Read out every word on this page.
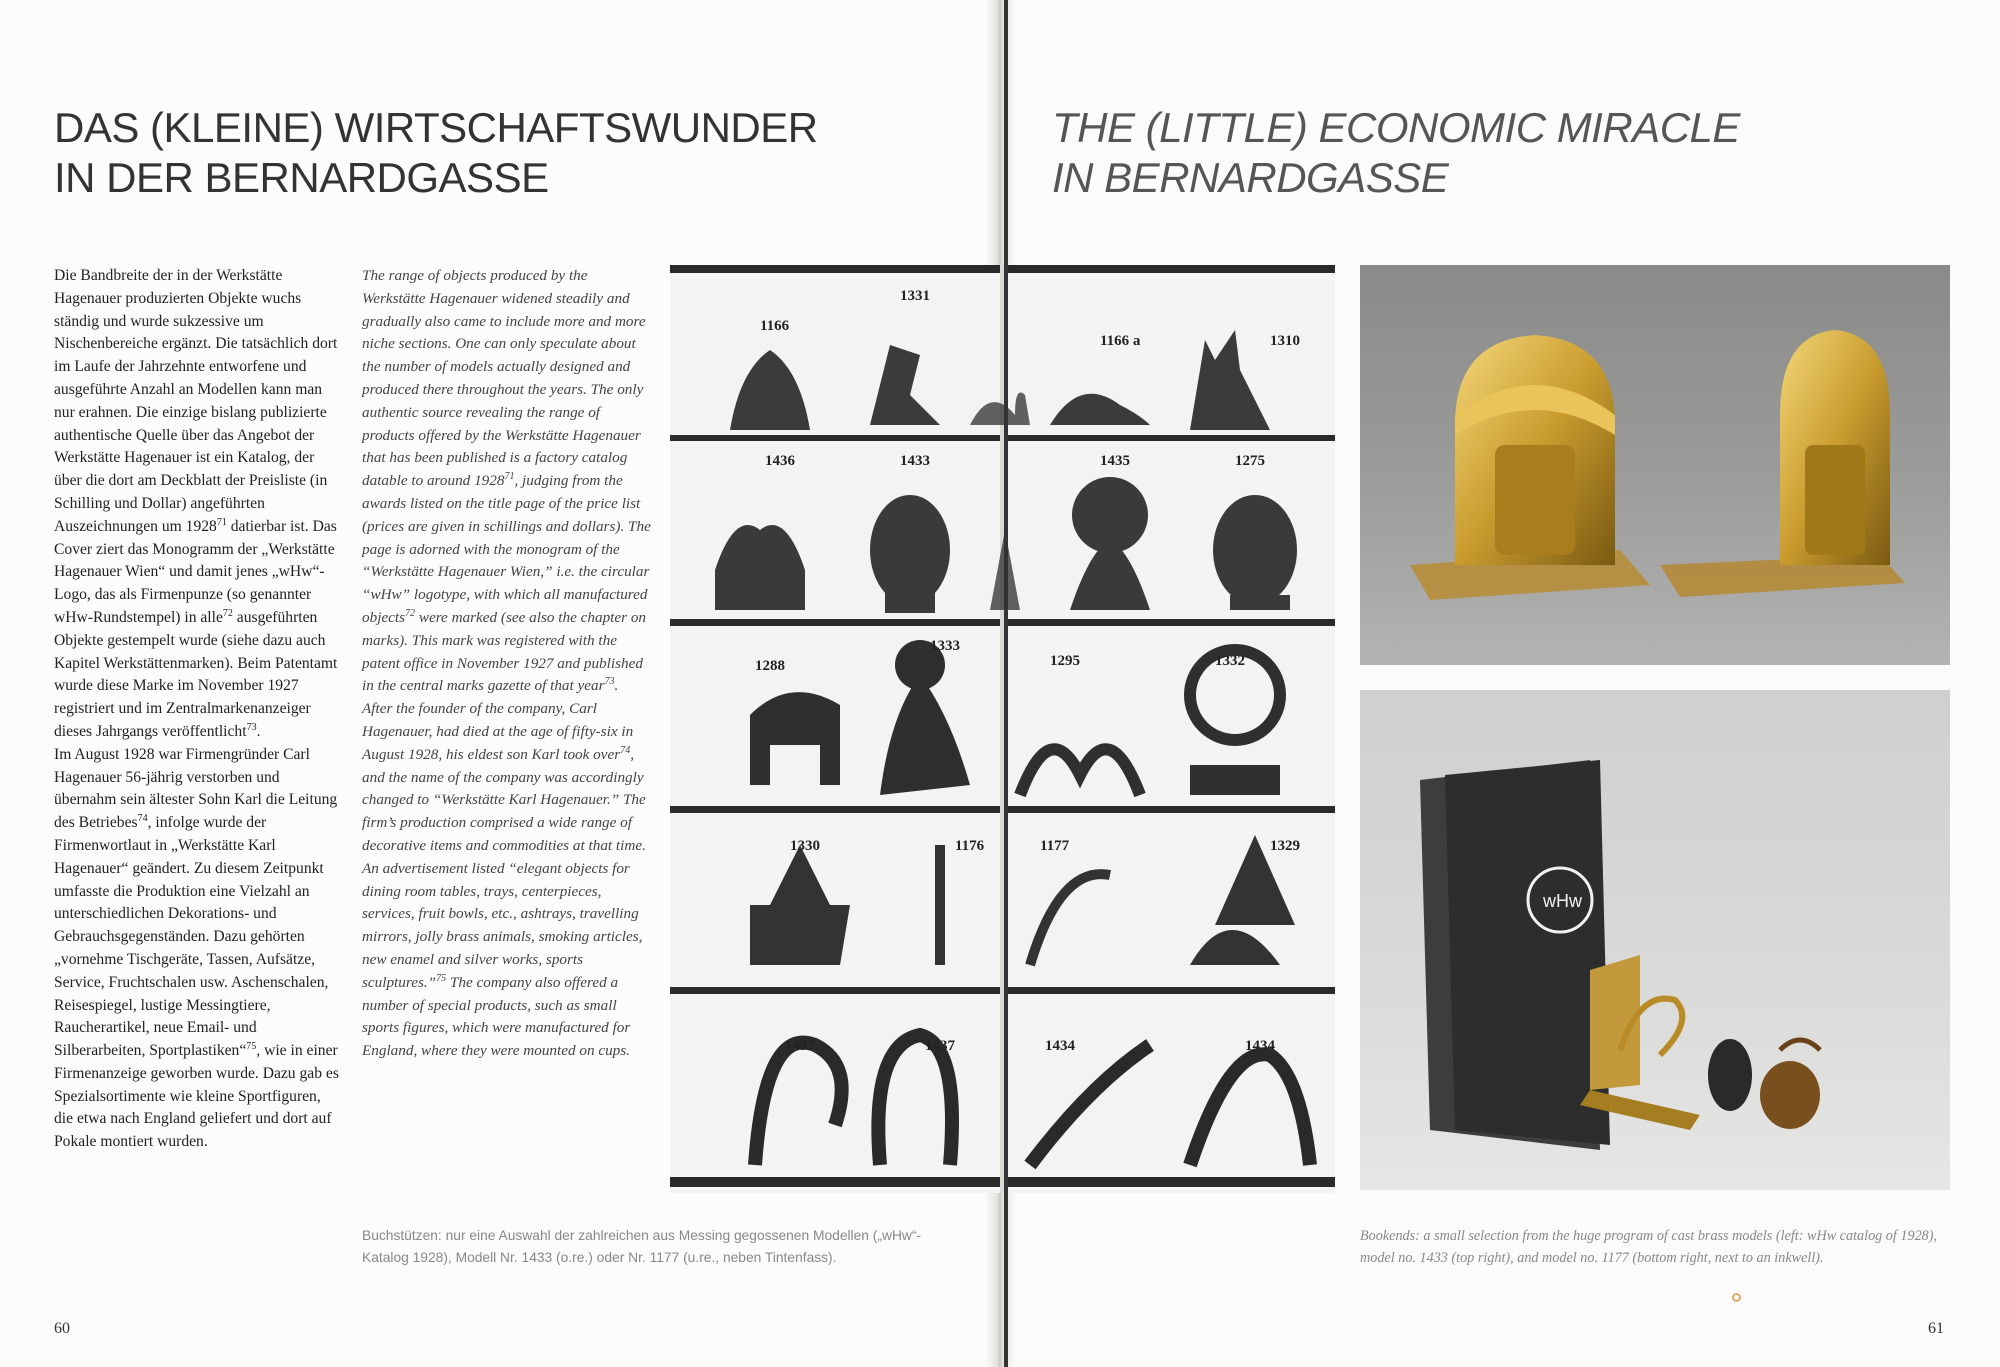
DAS (KLEINE) WIRTSCHAFTSWUNDER
IN DER BERNARDGASSE
THE (LITTLE) ECONOMIC MIRACLE
IN BERNARDGASSE

Die Bandbreite der in der Werkstätte Hagenauer produzierten Objekte wuchs ständig und wurde sukzessive um Nischenbereiche ergänzt. Die tatsächlich dort im Laufe der Jahrzehnte entworfene und ausgeführte Anzahl an Modellen kann man nur erahnen. Die einzige bislang publizierte authentische Quelle über das Angebot der Werkstätte Hagenauer ist ein Katalog, der über die dort am Deckblatt der Preisliste (in Schilling und Dollar) angeführten Auszeichnungen um 1928$^{71}$ datierbar ist. Das Cover ziert das Monogramm der „Werkstätte Hagenauer Wien“ und damit jenes „wHw“-Logo, das als Firmenpunze (so genannter wHw-Rundstempel) in alle$^{72}$ ausgeführten Objekte gestempelt wurde (siehe dazu auch Kapitel Werkstättenmarken). Beim Patentamt wurde diese Marke im November 1927 registriert und im Zentralmarkenanzeiger dieses Jahrgangs veröffentlicht$^{73}$.

Im August 1928 war Firmengründer Carl Hagenauer 56-jährig verstorben und übernahm sein ältester Sohn Karl die Leitung des Betriebes$^{74}$, infolge wurde der Firmenwortlaut in „Werkstätte Karl Hagenauer“ geändert. Zu diesem Zeitpunkt umfasste die Produktion eine Vielzahl an unterschiedlichen Dekorations- und Gebrauchsgegenständen. Dazu gehörten „vornehme Tischgeräte, Tassen, Aufsätze, Service, Fruchtschalen usw. Aschenschalen, Reisespiegel, lustige Messingtiere, Raucherartikel, neue Email- und Silberarbeiten, Sportplastiken“$^{75}$, wie in einer Firmenanzeige geworben wurde. Dazu gab es Spezialsortimente wie kleine Sportfiguren, die etwa nach England geliefert und dort auf Pokale montiert wurden.

The range of objects produced by the Werkstätte Hagenauer widened steadily and gradually also came to include more and more niche sections. One can only speculate about the number of models actually designed and produced there throughout the years. The only authentic source revealing the range of products offered by the Werkstätte Hagenauer that has been published is a factory catalog datable to around 1928$^{71}$, judging from the awards listed on the title page of the price list (prices are given in schillings and dollars). The page is adorned with the monogram of the “Werkstätte Hagenauer Wien,” i.e. the circular “wHw” logotype, with which all manufactured objects$^{72}$ were marked (see also the chapter on marks). This mark was registered with the patent office in November 1927 and published in the central marks gazette of that year$^{73}$.

After the founder of the company, Carl Hagenauer, had died at the age of fifty-six in August 1928, his eldest son Karl took over$^{74}$, and the name of the company was accordingly changed to “Werkstätte Karl Hagenauer.” The firm’s production comprised a wide range of decorative items and commodities at that time. An advertisement listed “elegant objects for dining room tables, trays, centerpieces, services, fruit bowls, etc., ashtrays, travelling mirrors, jolly brass animals, smoking articles, new enamel and silver works, sports sculptures.”$^{75}$ The company also offered a number of special products, such as small sports figures, which were manufactured for England, where they were mounted on cups.

1166
1331
1166 a	1310
1436	1433	1435	1275
1288
1333
1295	1332
1330	1176	1177	1329
1437	1437	1434	1434
wHw
Buchstützen: nur eine Auswahl der zahlreichen aus Messing gegossenen Modellen („wHw“-Katalog 1928), Modell Nr. 1433 (o.re.) oder Nr. 1177 (u.re., neben Tintenfass).
Bookends: a small selection from the huge program of cast brass models (left: wHw catalog of 1928), model no. 1433 (top right), and model no. 1177 (bottom right, next to an inkwell).
60	61
